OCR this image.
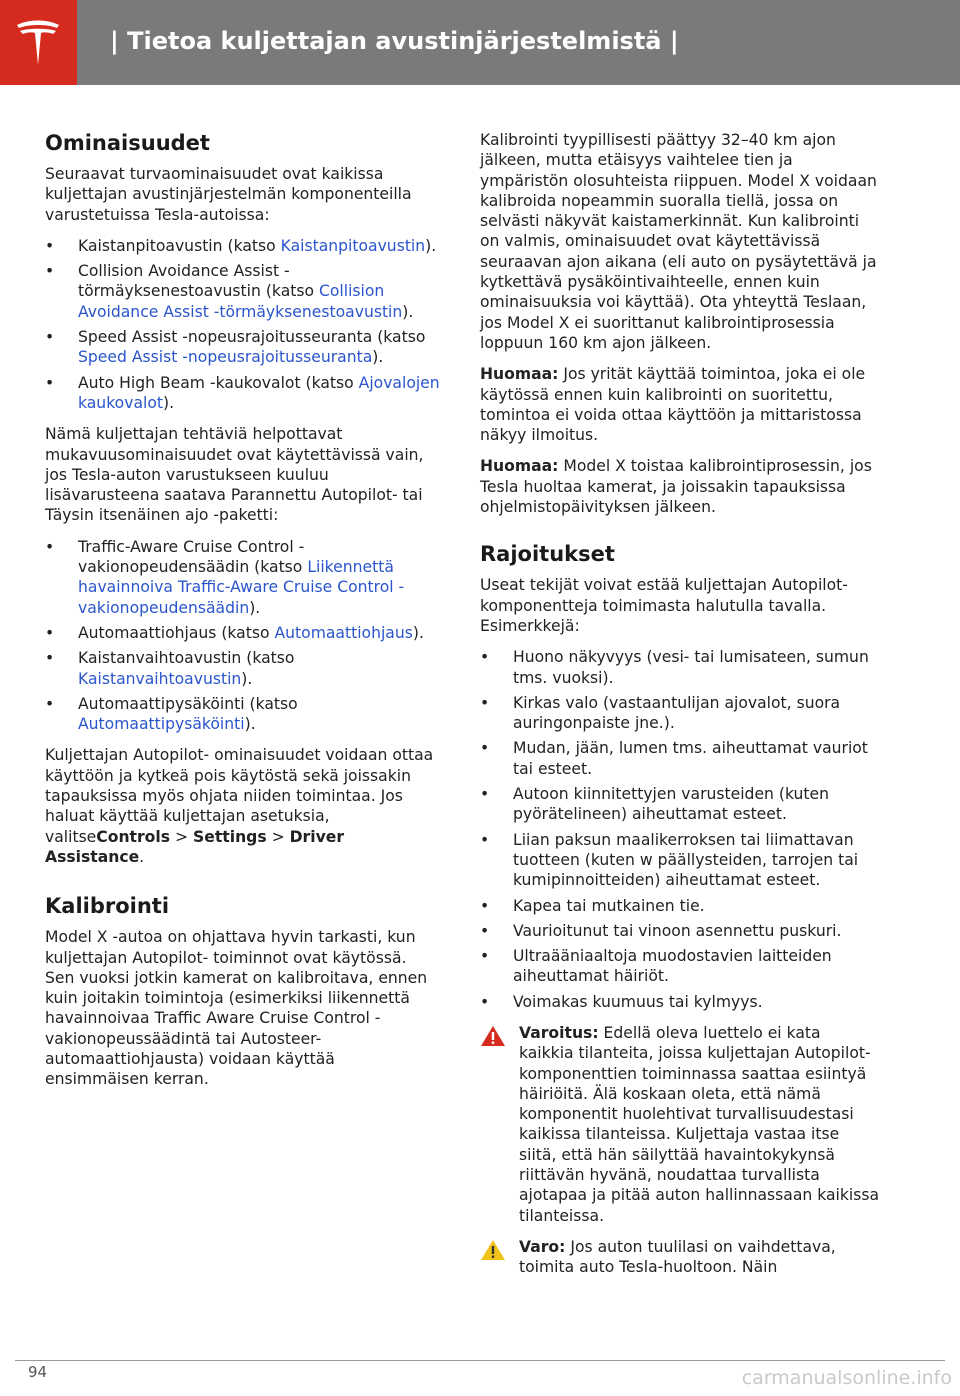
| Tietoa kuljettajan avustinjärjestelmistä |
Ominaisuudet

Seuraavat turvaominaisuudet ovat kaikissa kuljettajan avustinjärjestelmän komponenteilla varustetuissa Tesla-autoissa:

• Kaistanpitoavustin (katso Kaistanpitoavustin).
• Collision Avoidance Assist -törmäyksenestoavustin (katso Collision Avoidance Assist -törmäyksenestoavustin).
• Speed Assist -nopeusrajoitusseuranta (katso Speed Assist -nopeusrajoitusseuranta).
• Auto High Beam -kaukovalot (katso Ajovalojen kaukovalot).

Nämä kuljettajan tehtäviä helpottavat mukavuusominaisuudet ovat käytettävissä vain, jos Tesla-auton varustukseen kuuluu lisävarusteena saatava Parannettu Autopilot- tai Täysin itsenäinen ajo -paketti:

• Traffic-Aware Cruise Control -vakionopeudensäädin (katso Liikennettä havainnoiva Traffic-Aware Cruise Control -vakionopeudensäädin).
• Automaattiohjaus (katso Automaattiohjaus).
• Kaistanvaihtoavustin (katso Kaistanvaihtoavustin).
• Automaattipysäköinti (katso Automaattipysäköinti).

Kuljettajan Autopilot- ominaisuudet voidaan ottaa käyttöön ja kytkeä pois käytöstä sekä joissakin tapauksissa myös ohjata niiden toimintaa. Jos haluat käyttää kuljettajan asetuksia, valitseControls > Settings > Driver Assistance.

Kalibrointi

Model X -autoa on ohjattava hyvin tarkasti, kun kuljettajan Autopilot- toiminnot ovat käytössä. Sen vuoksi jotkin kamerat on kalibroitava, ennen kuin joitakin toimintoja (esimerkiksi liikennettä havainnoivaa Traffic Aware Cruise Control -vakionopeussäädintä tai Autosteer-automaattiohjausta) voidaan käyttää ensimmäisen kerran.

Kalibrointi tyypillisesti päättyy 32–40 km ajon jälkeen, mutta etäisyys vaihtelee tien ja ympäristön olosuhteista riippuen. Model X voidaan kalibroida nopeammin suoralla tiellä, jossa on selvästi näkyvät kaistamerkinnät. Kun kalibrointi on valmis, ominaisuudet ovat käytettävissä seuraavan ajon aikana (eli auto on pysäytettävä ja kytkettävä pysäköintivaihteelle, ennen kuin ominaisuuksia voi käyttää). Ota yhteyttä Teslaan, jos Model X ei suorittanut kalibrointiprosessia loppuun 160 km ajon jälkeen.

Huomaa: Jos yrität käyttää toimintoa, joka ei ole käytössä ennen kuin kalibrointi on suoritettu, tomintoa ei voida ottaa käyttöön ja mittaristossa näkyy ilmoitus.

Huomaa: Model X toistaa kalibrointiprosessin, jos Tesla huoltaa kamerat, ja joissakin tapauksissa ohjelmistopäivityksen jälkeen.

Rajoitukset

Useat tekijät voivat estää kuljettajan Autopilot- komponentteja toimimasta halutulla tavalla. Esimerkkejä:

• Huono näkyvyys (vesi- tai lumisateen, sumun tms. vuoksi).
• Kirkas valo (vastaantulijan ajovalot, suora auringonpaiste jne.).
• Mudan, jään, lumen tms. aiheuttamat vauriot tai esteet.
• Autoon kiinnitettyjen varusteiden (kuten pyörätelineen) aiheuttamat esteet.
• Liian paksun maalikerroksen tai liimattavan tuotteen (kuten w päällysteiden, tarrojen tai kumipinnoitteiden) aiheuttamat esteet.
• Kapea tai mutkainen tie.
• Vaurioitunut tai vinoon asennettu puskuri.
• Ultraääniaaltoja muodostavien laitteiden aiheuttamat häiriöt.
• Voimakas kuumuus tai kylmyys.
Varoitus: Edellä oleva luettelo ei kata kaikkia tilanteita, joissa kuljettajan Autopilot- komponenttien toiminnassa saattaa esiintyä häiriöitä. Älä koskaan oleta, että nämä komponentit huolehtivat turvallisuudestasi kaikissa tilanteissa. Kuljettaja vastaa itse siitä, että hän säilyttää havaintokykynsä riittävän hyvänä, noudattaa turvallista ajotapaa ja pitää auton hallinnassaan kaikissa tilanteissa.
Varo: Jos auton tuulilasi on vaihdettava, toimita auto Tesla-huoltoon. Näin
94	carmanualsonline.info
